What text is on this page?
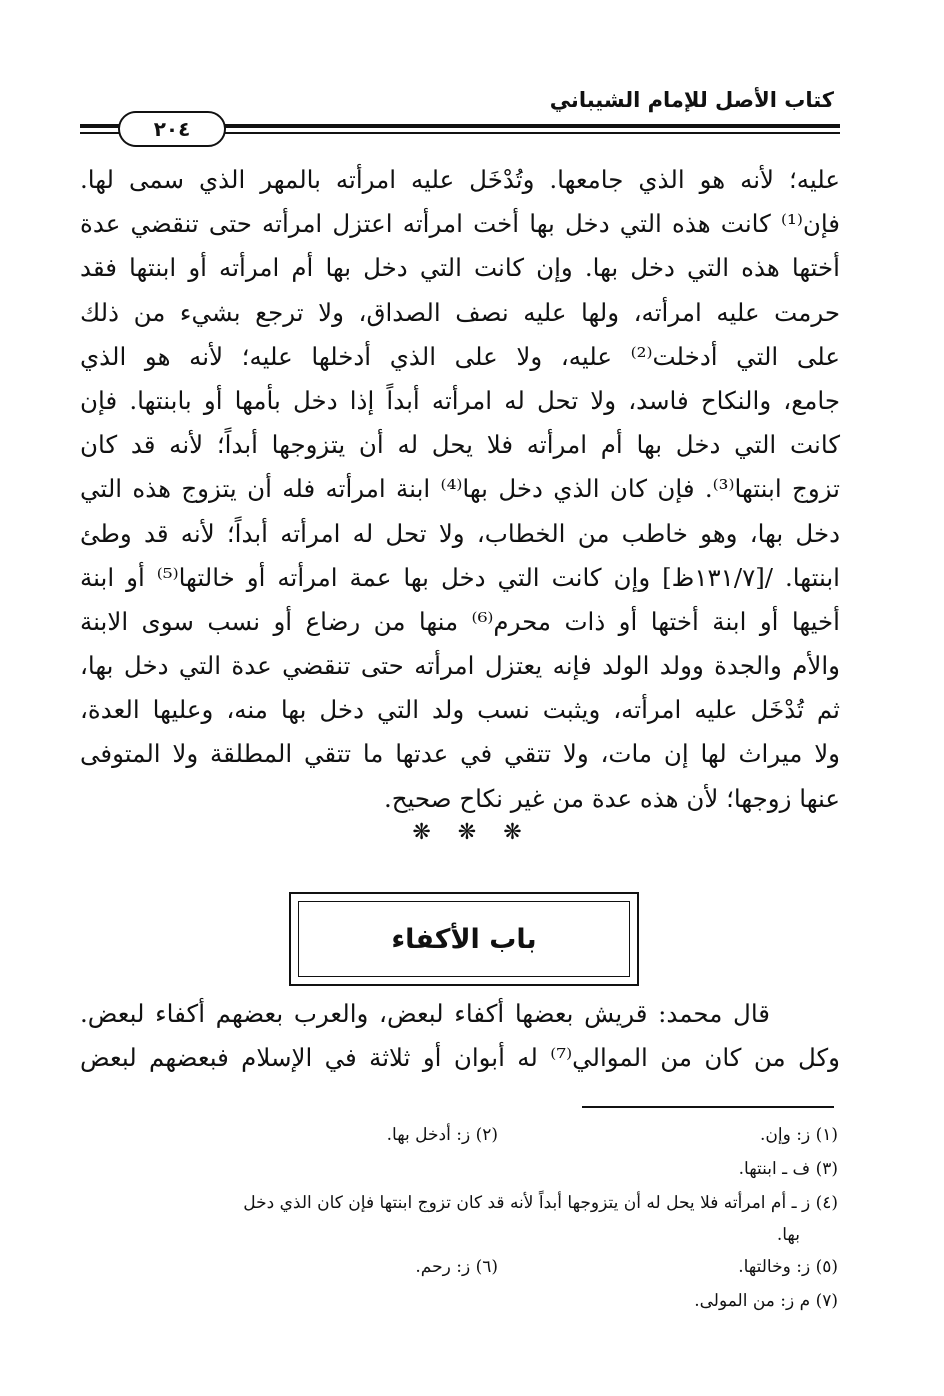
كتاب الأصل للإمام الشيباني
٢٠٤
عليه؛ لأنه هو الذي جامعها. وتُدْخَل عليه امرأته بالمهر الذي سمى لها.
فإن⁽¹⁾ كانت هذه التي دخل بها أخت امرأته اعتزل امرأته حتى تنقضي عدة
أختها هذه التي دخل بها. وإن كانت التي دخل بها أم امرأته أو ابنتها فقد
حرمت عليه امرأته، ولها عليه نصف الصداق، ولا ترجع بشيء من ذلك
على التي أدخلت⁽²⁾ عليه، ولا على الذي أدخلها عليه؛ لأنه هو الذي
جامع، والنكاح فاسد، ولا تحل له امرأته أبداً إذا دخل بأمها أو بابنتها. فإن
كانت التي دخل بها أم امرأته فلا يحل له أن يتزوجها أبداً؛ لأنه قد كان
تزوج ابنتها⁽³⁾. فإن كان الذي دخل بها⁽⁴⁾ ابنة امرأته فله أن يتزوج هذه التي
دخل بها، وهو خاطب من الخطاب، ولا تحل له امرأته أبداً؛ لأنه قد وطئ
ابنتها. /[١٣١/٧ظ] وإن كانت التي دخل بها عمة امرأته أو خالتها⁽⁵⁾ أو ابنة
أخيها أو ابنة أختها أو ذات محرم⁽⁶⁾ منها من رضاع أو نسب سوى الابنة
والأم والجدة وولد الولد فإنه يعتزل امرأته حتى تنقضي عدة التي دخل بها،
ثم تُدْخَل عليه امرأته، ويثبت نسب ولد التي دخل بها منه، وعليها العدة،
ولا ميراث لها إن مات، ولا تتقي في عدتها ما تتقي المطلقة ولا المتوفى
عنها زوجها؛ لأن هذه عدة من غير نكاح صحيح.
❋ ❋ ❋
باب الأكفاء
قال محمد: قريش بعضها أكفاء لبعض، والعرب بعضهم أكفاء لبعض.
وكل من كان من الموالي⁽⁷⁾ له أبوان أو ثلاثة في الإسلام فبعضهم لبعض
(١) ز: وإن.
(٢) ز: أدخل بها.
(٣) ف ـ ابنتها.
(٤) ز ـ أم امرأته فلا يحل له أن يتزوجها أبداً لأنه قد كان تزوج ابنتها فإن كان الذي دخل
بها.
(٥) ز: وخالتها.
(٦) ز: رحم.
(٧) م ز: من المولى.
